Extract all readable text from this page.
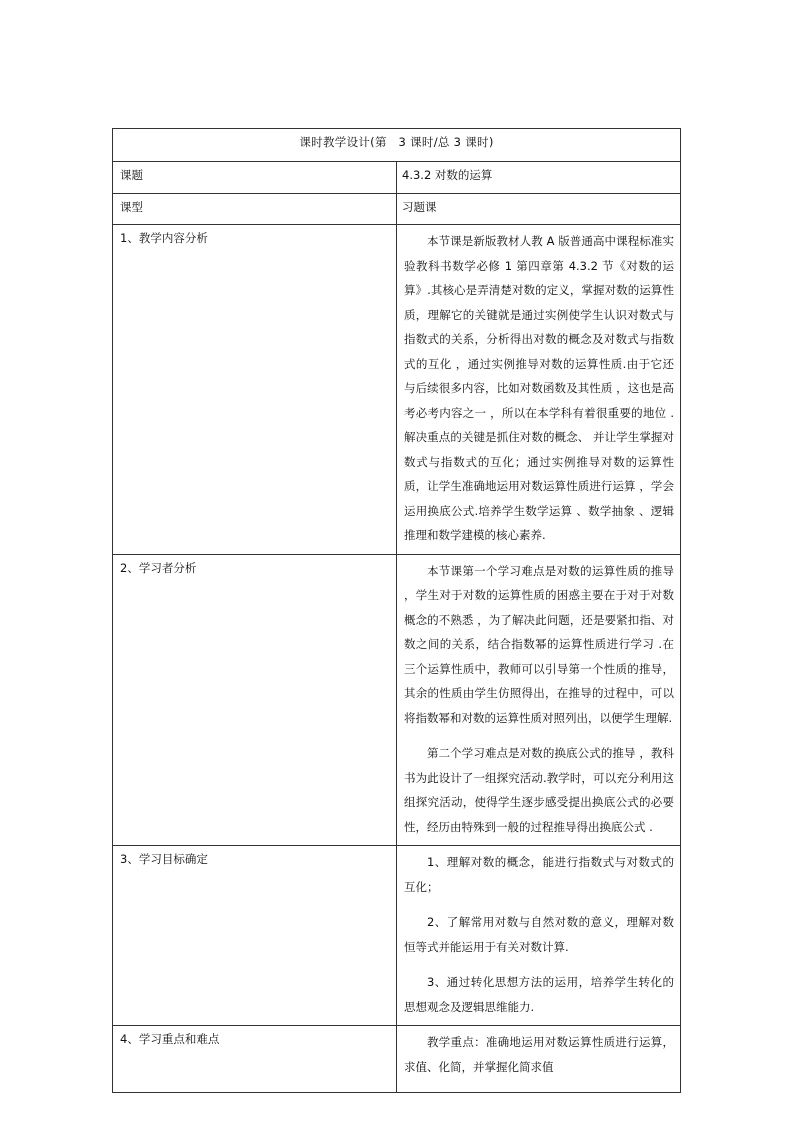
课时教学设计(第　3 课时/总 3 课时)	

课题	4.3.2 对数的运算

课型	习题课

1、教学内容分析	本节课是新版教材人教 A 版普通高中课程标准实验教科书数学必修 1 第四章第 4.3.2 节《对数的运算》.其核心是弄清楚对数的定义，掌握对数的运算性质，理解它的关键就是通过实例使学生认识对数式与指数式的关系，分析得出对数的概念及对数式与指数式的互化 ，通过实例推导对数的运算性质.由于它还与后续很多内容，比如对数函数及其性质 ，这也是高考必考内容之一 ，所以在本学科有着很重要的地位 .解决重点的关键是抓住对数的概念、 并让学生掌握对数式与指数式的互化；通过实例推导对数的运算性质，让学生准确地运用对数运算性质进行运算 ，学会运用换底公式.培养学生数学运算 、数学抽象 、逻辑推理和数学建模的核心素养.

2、学习者分析	本节课第一个学习难点是对数的运算性质的推导 ，学生对于对数的运算性质的困惑主要在于对于对数概念的不熟悉 ，为了解决此问题，还是要紧扣指、对数之间的关系，结合指数幂的运算性质进行学习 .在三个运算性质中，教师可以引导第一个性质的推导，其余的性质由学生仿照得出，在推导的过程中，可以将指数幂和对数的运算性质对照列出，以便学生理解.

第二个学习难点是对数的换底公式的推导 ，教科书为此设计了一组探究活动.教学时，可以充分利用这组探究活动，使得学生逐步感受提出换底公式的必要性，经历由特殊到一般的过程推导得出换底公式 .

3、学习目标确定	1、理解对数的概念，能进行指数式与对数式的互化；

2、了解常用对数与自然对数的意义，理解对数恒等式并能运用于有关对数计算.

3、通过转化思想方法的运用，培养学生转化的思想观念及逻辑思维能力.

4、学习重点和难点	教学重点：准确地运用对数运算性质进行运算，求值、化简，并掌握化简求值
